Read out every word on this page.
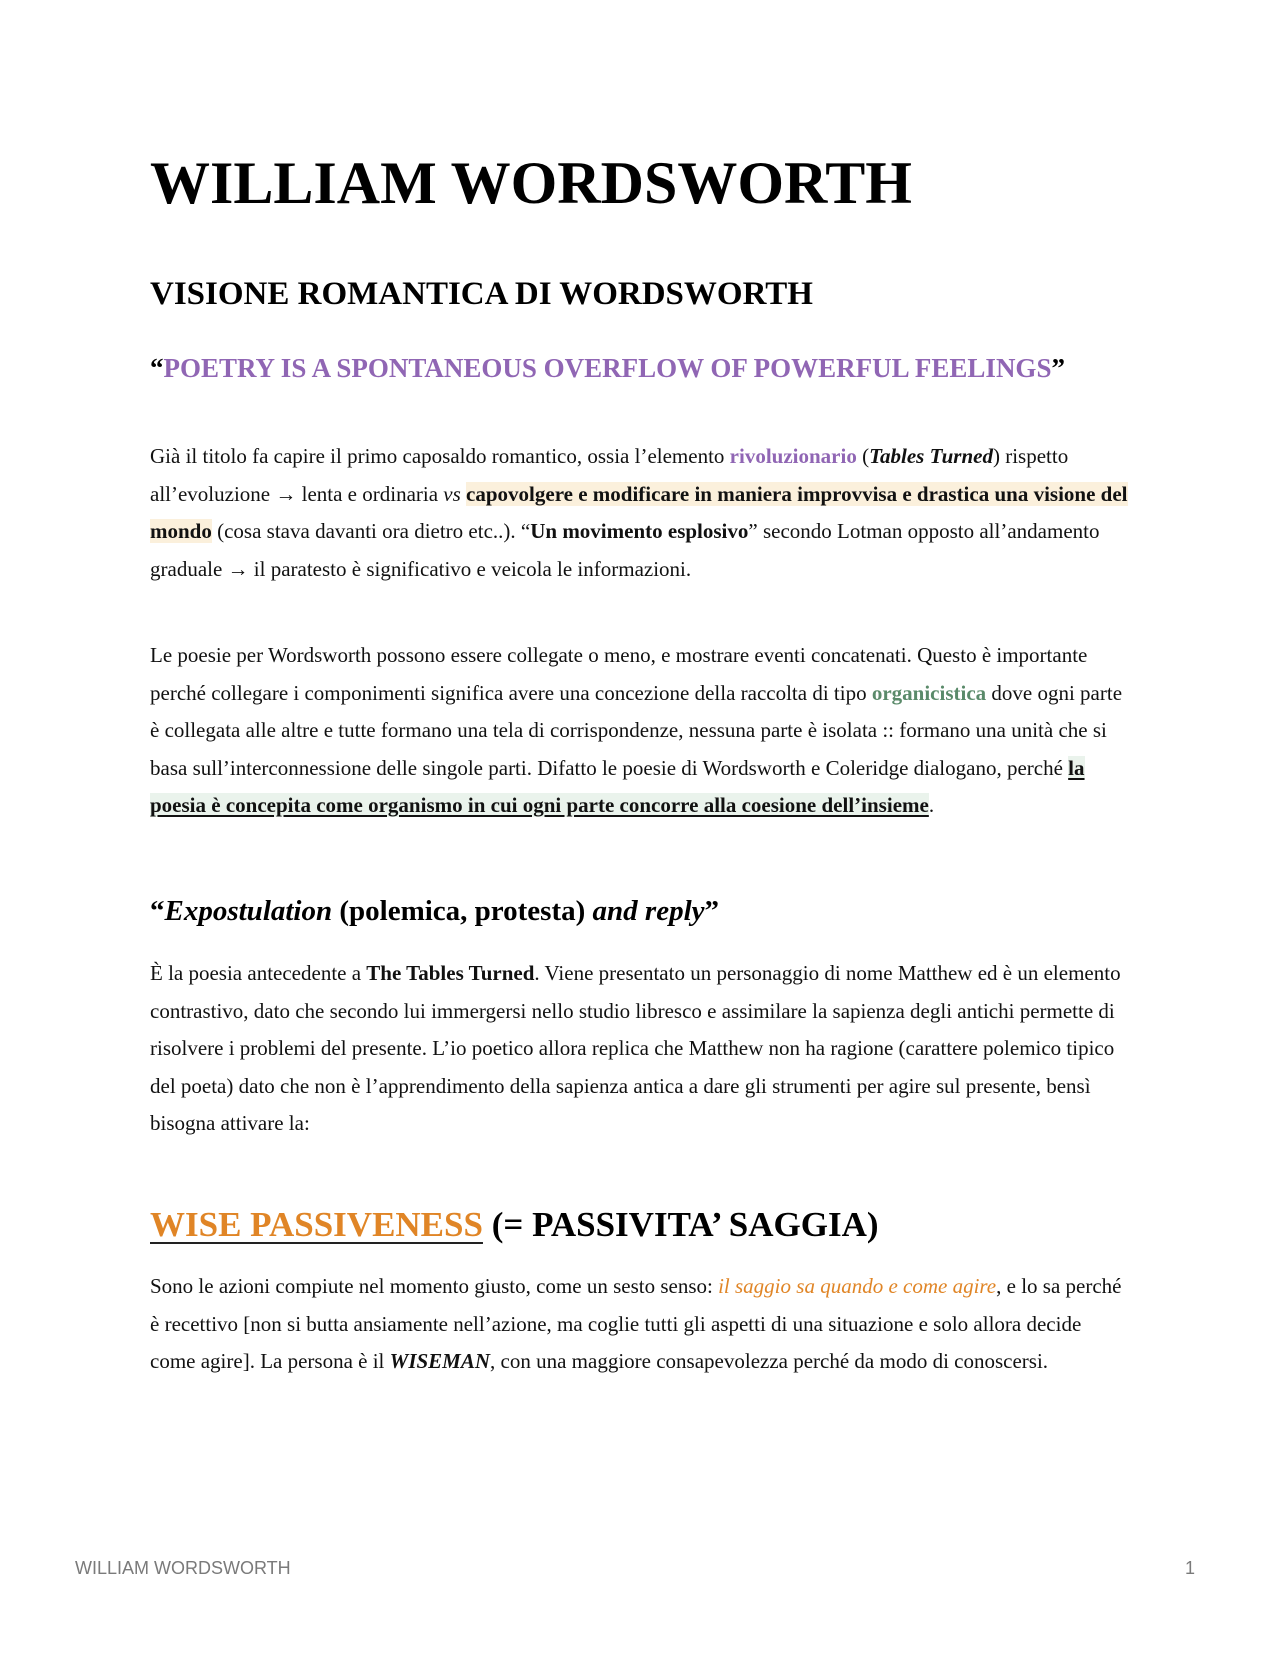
WILLIAM WORDSWORTH
VISIONE ROMANTICA DI WORDSWORTH
“POETRY IS A SPONTANEOUS OVERFLOW OF POWERFUL FEELINGS”

Già il titolo fa capire il primo caposaldo romantico, ossia l’elemento rivoluzionario (Tables Turned) rispetto all’evoluzione → lenta e ordinaria vs capovolgere e modificare in maniera improvvisa e drastica una visione del mondo (cosa stava davanti ora dietro etc..). “Un movimento esplosivo” secondo Lotman opposto all’andamento graduale → il paratesto è significativo e veicola le informazioni.

Le poesie per Wordsworth possono essere collegate o meno, e mostrare eventi concatenati. Questo è importante perché collegare i componimenti significa avere una concezione della raccolta di tipo organicistica dove ogni parte è collegata alle altre e tutte formano una tela di corrispondenze, nessuna parte è isolata :: formano una unità che si basa sull’interconnessione delle singole parti. Difatto le poesie di Wordsworth e Coleridge dialogano, perché la poesia è concepita come organismo in cui ogni parte concorre alla coesione dell’insieme.

“Expostulation (polemica, protesta) and reply”

È la poesia antecedente a The Tables Turned. Viene presentato un personaggio di nome Matthew ed è un elemento contrastivo, dato che secondo lui immergersi nello studio libresco e assimilare la sapienza degli antichi permette di risolvere i problemi del presente. L’io poetico allora replica che Matthew non ha ragione (carattere polemico tipico del poeta) dato che non è l’apprendimento della sapienza antica a dare gli strumenti per agire sul presente, bensì bisogna attivare la:

WISE PASSIVENESS (= PASSIVITA’ SAGGIA)

Sono le azioni compiute nel momento giusto, come un sesto senso: il saggio sa quando e come agire, e lo sa perché è recettivo [non si butta ansiamente nell’azione, ma coglie tutti gli aspetti di una situazione e solo allora decide come agire]. La persona è il WISEMAN, con una maggiore consapevolezza perché da modo di conoscersi.

WILLIAM WORDSWORTH	1
